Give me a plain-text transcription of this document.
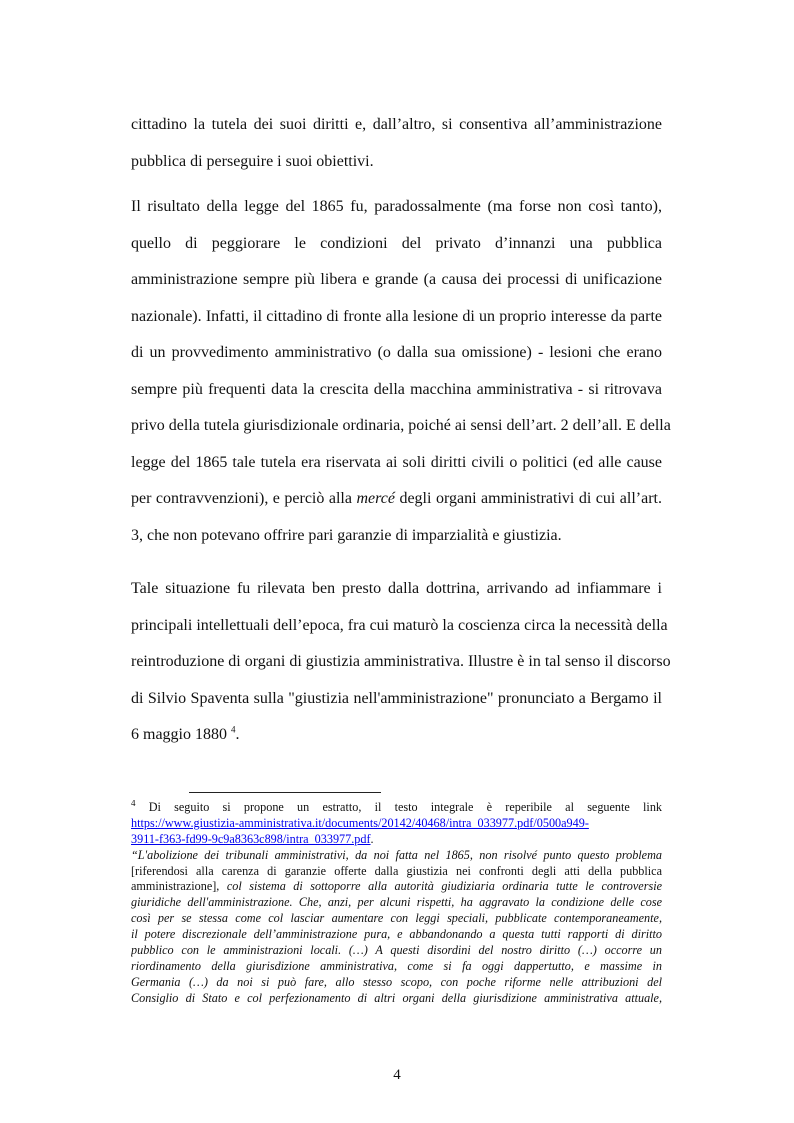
cittadino la tutela dei suoi diritti e, dall’altro, si consentiva all’amministrazione
pubblica di perseguire i suoi obiettivi.
Il risultato della legge del 1865 fu, paradossalmente (ma forse non così tanto),
quello di peggiorare le condizioni del privato d’innanzi una pubblica
amministrazione sempre più libera e grande (a causa dei processi di unificazione
nazionale). Infatti, il cittadino di fronte alla lesione di un proprio interesse da parte
di un provvedimento amministrativo (o dalla sua omissione) - lesioni che erano
sempre più frequenti data la crescita della macchina amministrativa - si ritrovava
privo della tutela giurisdizionale ordinaria, poiché ai sensi dell’art. 2 dell’all. E della
legge del 1865 tale tutela era riservata ai soli diritti civili o politici (ed alle cause
per contravvenzioni), e perciò alla mercé degli organi amministrativi di cui all’art.
3, che non potevano offrire pari garanzie di imparzialità e giustizia.
Tale situazione fu rilevata ben presto dalla dottrina, arrivando ad infiammare i
principali intellettuali dell’epoca, fra cui maturò la coscienza circa la necessità della
reintroduzione di organi di giustizia amministrativa. Illustre è in tal senso il discorso
di Silvio Spaventa sulla "giustizia nell'amministrazione" pronunciato a Bergamo il
6 maggio 1880 $^4$.
$^4$ Di seguito si propone un estratto, il testo integrale è reperibile al seguente link
https://www.giustizia-amministrativa.it/documents/20142/40468/intra_033977.pdf/0500a949-
3911-f363-fd99-9c9a8363c898/intra_033977.pdf.
“L'abolizione dei tribunali amministrativi, da noi fatta nel 1865, non risolvé punto questo problema
[riferendosi alla carenza di garanzie offerte dalla giustizia nei confronti degli atti della pubblica
amministrazione], col sistema di sottoporre alla autorità giudiziaria ordinaria tutte le controversie
giuridiche dell'amministrazione. Che, anzi, per alcuni rispetti, ha aggravato la condizione delle cose
così per se stessa come col lasciar aumentare con leggi speciali, pubblicate contemporaneamente,
il potere discrezionale dell’amministrazione pura, e abbandonando a questa tutti rapporti di diritto
pubblico con le amministrazioni locali. (…) A questi disordini del nostro diritto (…) occorre un
riordinamento della giurisdizione amministrativa, come si fa oggi dappertutto, e massime in
Germania (…) da noi si può fare, allo stesso scopo, con poche riforme nelle attribuzioni del
Consiglio di Stato e col perfezionamento di altri organi della giurisdizione amministrativa attuale,
4
